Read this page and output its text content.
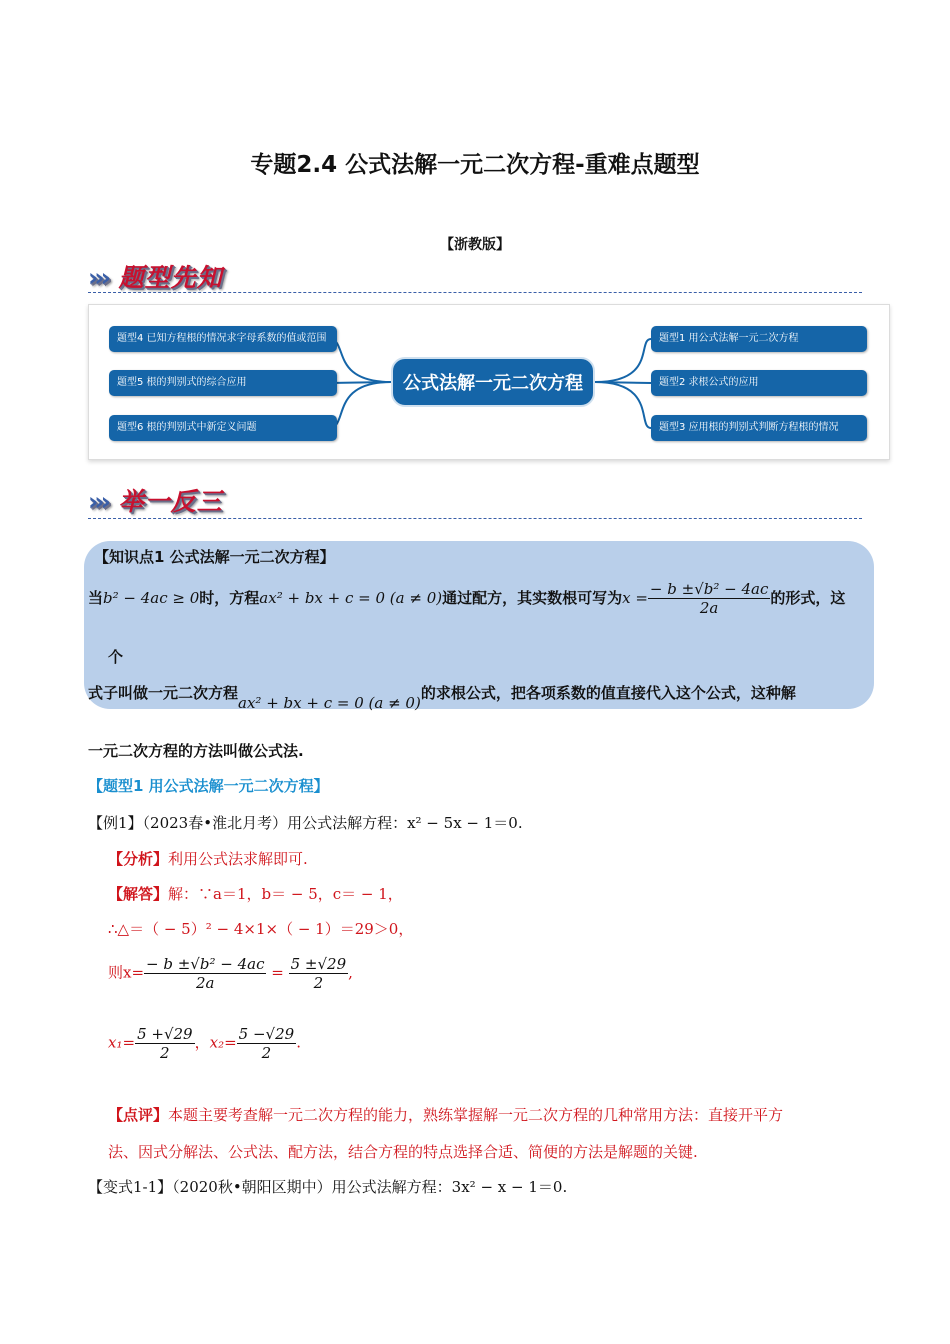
专题2.4 公式法解一元二次方程-重难点题型
【浙教版】
››› 题型先知
题型4 已知方程根的情况求字母系数的值或范围
题型5 根的判别式的综合应用
题型6 根的判别式中新定义问题
公式法解一元二次方程
题型1 用公式法解一元二次方程
题型2 求根公式的应用
题型3 应用根的判别式判断方程根的情况
››› 举一反三
【知识点1 公式法解一元二次方程】
当b² − 4ac ≥ 0时，方程ax² + bx + c = 0 (a ≠ 0)通过配方，其实数根可写为$x = \frac{\text{− b ±√b² − 4ac}}{2a}$ 的形式，这
个
式子叫做一元二次方程ax² + bx + c = 0 (a ≠ 0)的求根公式，把各项系数的值直接代入这个公式，这种解
一元二次方程的方法叫做公式法.
【题型1 用公式法解一元二次方程】
【例1】（2023春•淮北月考）用公式法解方程：x² − 5x − 1＝0.
【分析】利用公式法求解即可.
【解答】解：∵a＝1，b＝ − 5，c＝ − 1，
∴△＝（ − 5）² − 4×1×（ − 1）＝29＞0，
则$x= \frac{\text{− b ±√b² − 4ac}}{2a} = \frac{5 \pm√29}{2}$ ,
$x_1= \frac{5 +√29}{2}$ ，$x_2= \frac{5 -√29}{2}$ .
【点评】本题主要考查解一元二次方程的能力，熟练掌握解一元二次方程的几种常用方法：直接开平方
法、因式分解法、公式法、配方法，结合方程的特点选择合适、简便的方法是解题的关键.
【变式1-1】（2020秋•朝阳区期中）用公式法解方程：3x² − x − 1＝0.
